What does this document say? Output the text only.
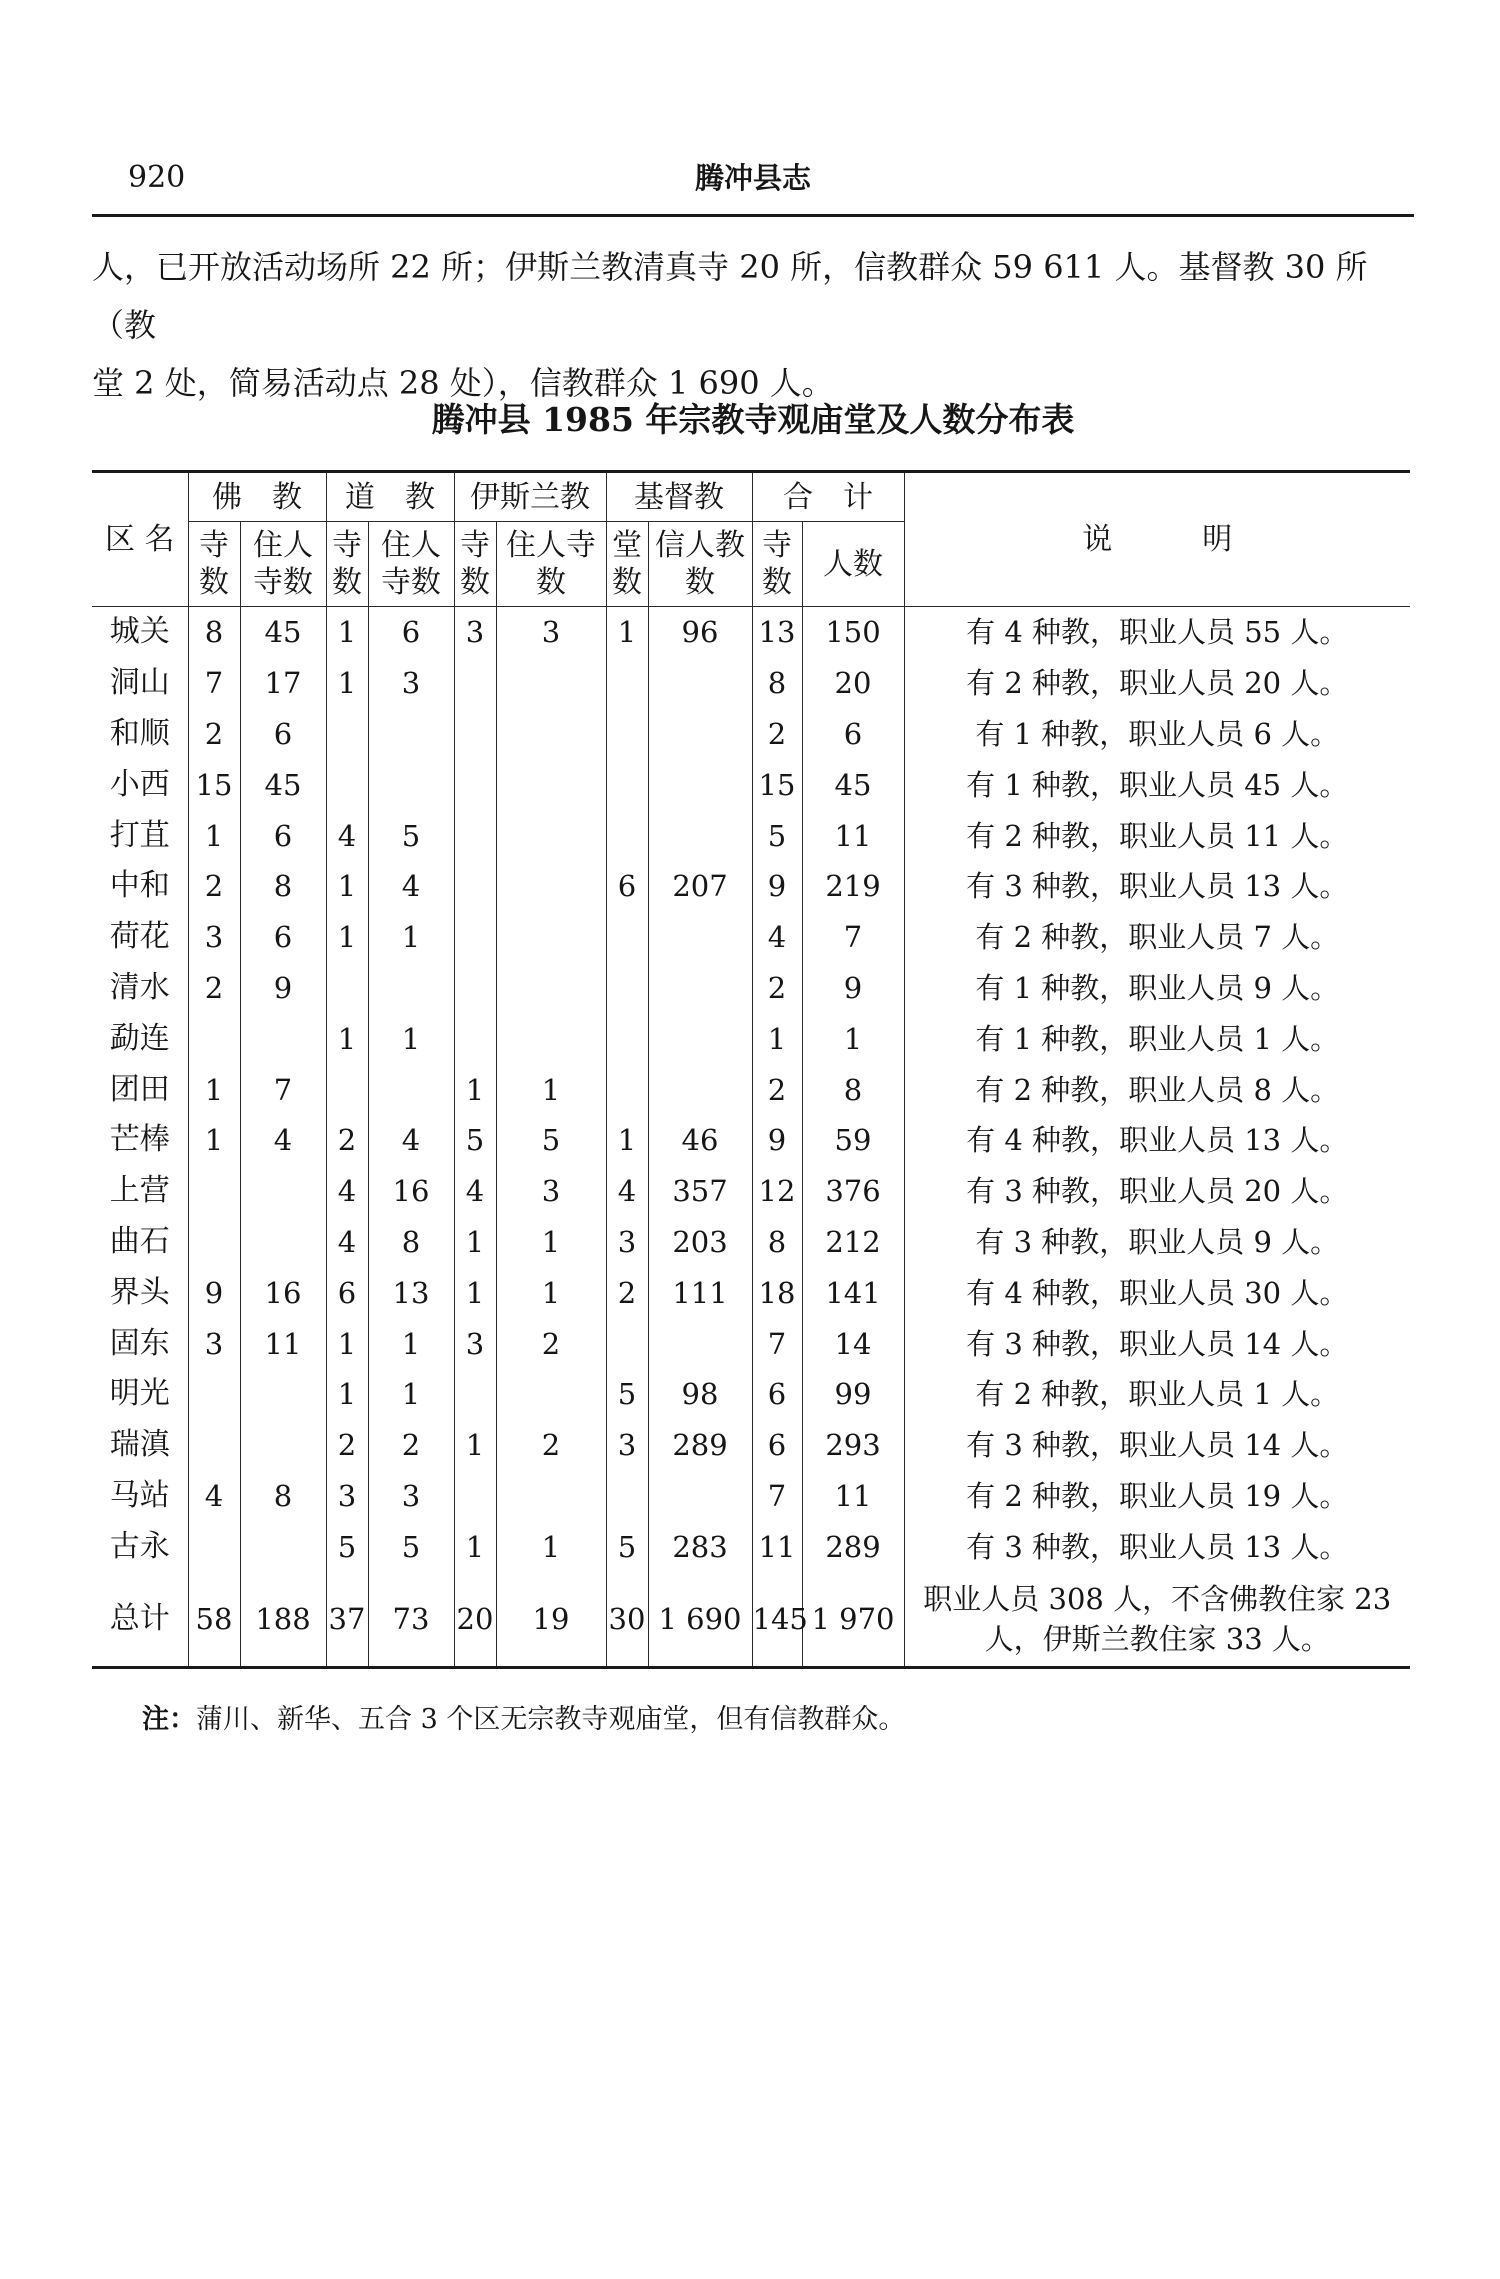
920	腾冲县志

人，已开放活动场所 22 所；伊斯兰教清真寺 20 所，信教群众 59 611 人。基督教 30 所（教

堂 2 处，简易活动点 28 处），信教群众 1 690 人。

腾冲县 1985 年宗教寺观庙堂及人数分布表
区 名	佛　教		道　教		伊斯兰教		基督教		合　计		说　　　明
	寺数	住人寺数	寺数	住人寺数	寺数	住人寺数	堂数	信人教数	寺数	人数	
城关	8	45	1	6	3	3	1	96	13	150	有 4 种教，职业人员 55 人。
洞山	7	17	1	3					8	20	有 2 种教，职业人员 20 人。
和顺	2	6							2	6	有 1 种教，职业人员 6 人。
小西	15	45							15	45	有 1 种教，职业人员 45 人。
打苴	1	6	4	5					5	11	有 2 种教，职业人员 11 人。
中和	2	8	1	4			6	207	9	219	有 3 种教，职业人员 13 人。
荷花	3	6	1	1					4	7	有 2 种教，职业人员 7 人。
清水	2	9							2	9	有 1 种教，职业人员 9 人。
勐连			1	1					1	1	有 1 种教，职业人员 1 人。
团田	1	7			1	1			2	8	有 2 种教，职业人员 8 人。
芒棒	1	4	2	4	5	5	1	46	9	59	有 4 种教，职业人员 13 人。
上营			4	16	4	3	4	357	12	376	有 3 种教，职业人员 20 人。
曲石			4	8	1	1	3	203	8	212	有 3 种教，职业人员 9 人。
界头	9	16	6	13	1	1	2	111	18	141	有 4 种教，职业人员 30 人。
固东	3	11	1	1	3	2			7	14	有 3 种教，职业人员 14 人。
明光			1	1			5	98	6	99	有 2 种教，职业人员 1 人。
瑞滇			2	2	1	2	3	289	6	293	有 3 种教，职业人员 14 人。
马站	4	8	3	3					7	11	有 2 种教，职业人员 19 人。
古永			5	5	1	1	5	283	11	289	有 3 种教，职业人员 13 人。
总计	58	188	37	73	20	19	30	1 690	145	1 970	职业人员 308 人，不含佛教住家 23 人，伊斯兰教住家 33 人。
注：蒲川、新华、五合 3 个区无宗教寺观庙堂，但有信教群众。
